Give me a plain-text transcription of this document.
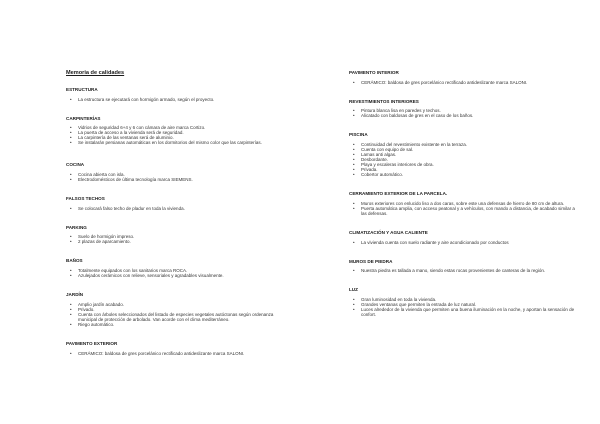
Memoria de calidades
ESTRUCTURA
• La estructura se ejecutará con hormigón armado, según el proyecto.
CARPINTERÍAS
• Vidrios de seguridad 6+4 y 6 con cámara de aire marca Cortizo.
• La puerta de acceso a la vivienda será de seguridad.
• La carpintería de las ventanas será de aluminio.
• Se instalarán persianas automáticas en los dormitorios del mismo color que las carpinterías.
COCINA
• Cocina abierta con isla.
• Electrodomésticos de última tecnología marca SIEMENS.
FALSOS TECHOS
• Se colocará falso techo de pladur en toda la vivienda.
PARKING
• Suelo de hormigón impreso.
• 2 plazas de aparcamiento.
BAÑOS
• Totalmente equipados con los sanitarios marca ROCA.
• Azulejados cerámicos con relieve, sensoriales y agradables visualmente.
JARDÍN
• Amplio jardín acabado.
• Privado.
• Cuenta con árboles seleccionados del listado de especies vegetales autóctonas según ordenanza municipal de protección de arbolado. Van acorde con el clima mediterráneo.
• Riego automático.
PAVIMENTO EXTERIOR
• CERÁMICO: baldosa de gres porcelánico rectificado antideslizante marca SALONI.
PAVIMENTO INTERIOR
• CERÁMICO: baldosa de gres porcelánico rectificado antideslizante marca SALONI.
REVESTIMIENTOS INTERIORES
• Pintura blanca lisa en paredes y techos.
• Alicatado con baldosas de gres en el caso de los baños.
PISCINA
• Continuidad del revestimiento existente en la terraza.
• Cuenta con equipo de sal.
• Lamas anti algas.
• Desbordante.
• Playa y escaleras interiores de obra.
• Privada.
• Cobertor automático.
CERRAMIENTO EXTERIOR DE LA PARCELA.
• Muros exteriores con enlucido liso a dos caras, sobre este una defensas de hierro de 80 cm de altura.
• Puerta automática amplia, con acceso peatonal y a vehículos, con mando a distancia, de acabado similar a las defensas.
CLIMATIZACIÓN Y AGUA CALIENTE
• La vivienda cuenta con suelo radiante y aire acondicionado por conductos
MUROS DE PIEDRA
• Nuestra piedra es tallada a mano, siendo estas rocas provenientes de canteras de la región.
LUZ
• Gran luminosidad en toda la vivienda.
• Grandes ventanas que permiten la entrada de luz natural.
• Luces alrededor de la vivienda que permiten una buena iluminación en la noche, y aportan la sensación de confort.
